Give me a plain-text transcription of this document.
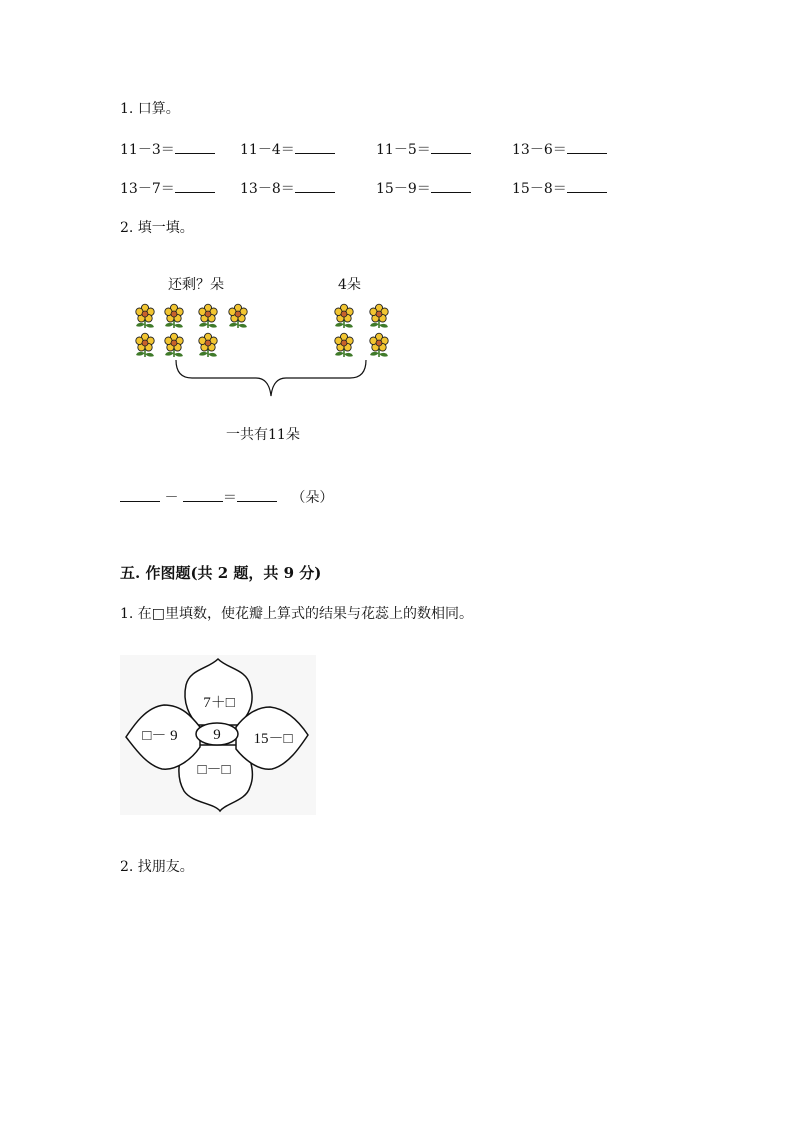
1. 口算。
11－3＝	11－4＝	11－5＝	13－6＝
13－7＝	13－8＝	15－9＝	15－8＝
2. 填一填。
还剩？朵	4朵
一共有11朵
－	＝	（朵）
五. 作图题(共 2 题，共 9 分)
1. 在□里填数，使花瓣上算式的结果与花蕊上的数相同。
9
7＋□
□－ 9	15－□
□－□
2. 找朋友。
